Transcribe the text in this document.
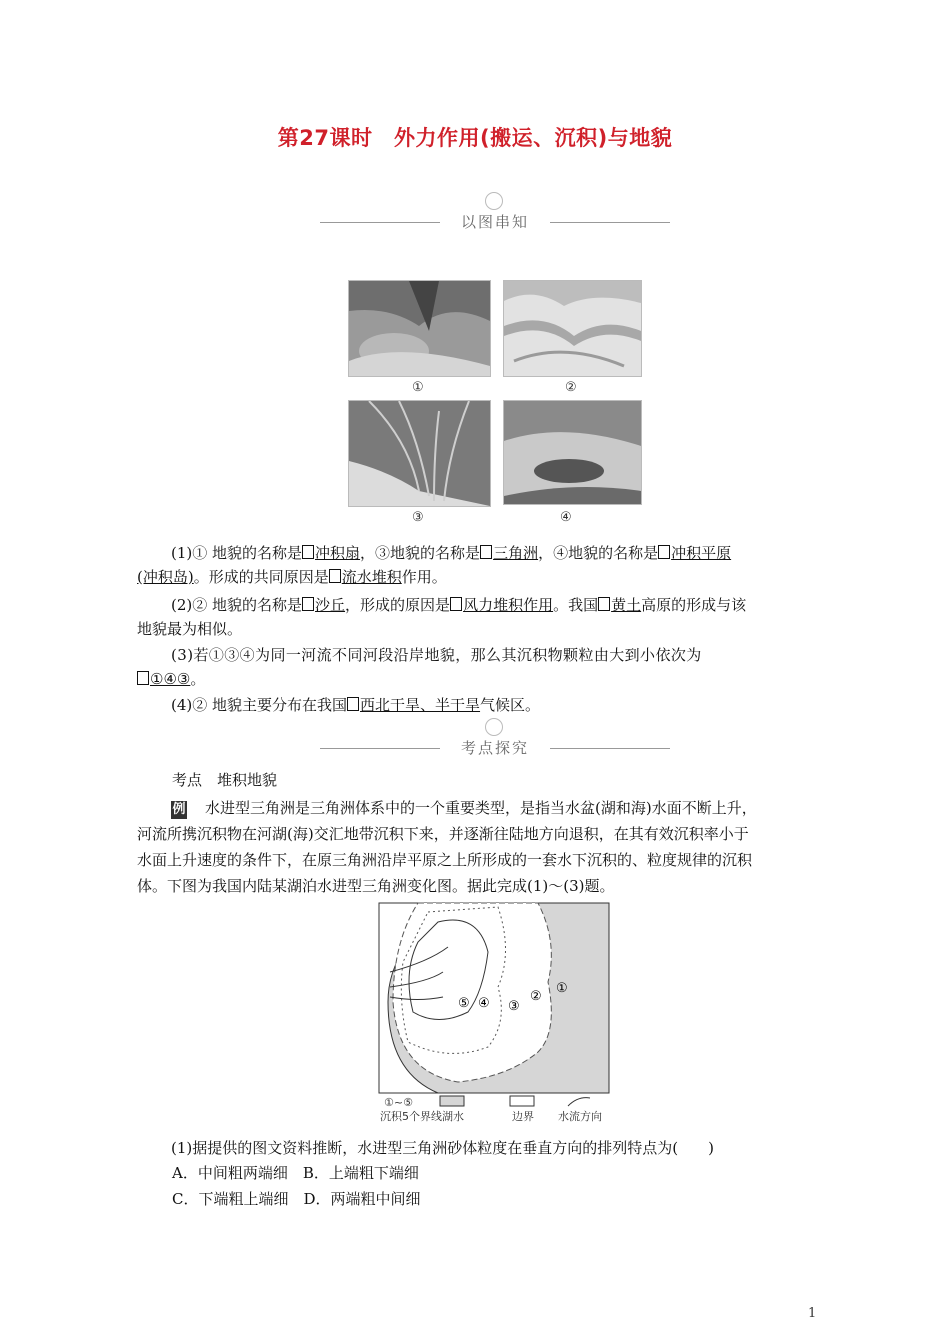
第27课时　外力作用(搬运、沉积)与地貌
以图串知
①	②
③	④
(1)① 地貌的名称是 冲积扇，③地貌的名称是 三角洲，④地貌的名称是 冲积平原
(冲积岛)。形成的共同原因是 流水堆积作用。
(2)② 地貌的名称是 沙丘，形成的原因是 风力堆积作用。我国 黄土高原的形成与该
地貌最为相似。
(3)若①③④为同一河流不同河段沿岸地貌，那么其沉积物颗粒由大到小依次为
①④③。
(4)② 地貌主要分布在我国 西北干旱、半干旱气候区。
考点探究
考点　堆积地貌
例 水进型三角洲是三角洲体系中的一个重要类型，是指当水盆(湖和海)水面不断上升，
河流所携沉积物在河湖(海)交汇地带沉积下来，并逐渐往陆地方向退积，在其有效沉积率小于
水面上升速度的条件下，在原三角洲沿岸平原之上所形成的一套水下沉积的、粒度规律的沉积
体。下图为我国内陆某湖泊水进型三角洲变化图。据此完成(1)～(3)题。
⑤ ④ ③
②
①
①~⑤
沉积5个界线 湖水	边界 水流方向
(1)据提供的图文资料推断，水进型三角洲砂体粒度在垂直方向的排列特点为(　　)
A．中间粗两端细　B．上端粗下端细
C．下端粗上端细　D．两端粗中间细
1
